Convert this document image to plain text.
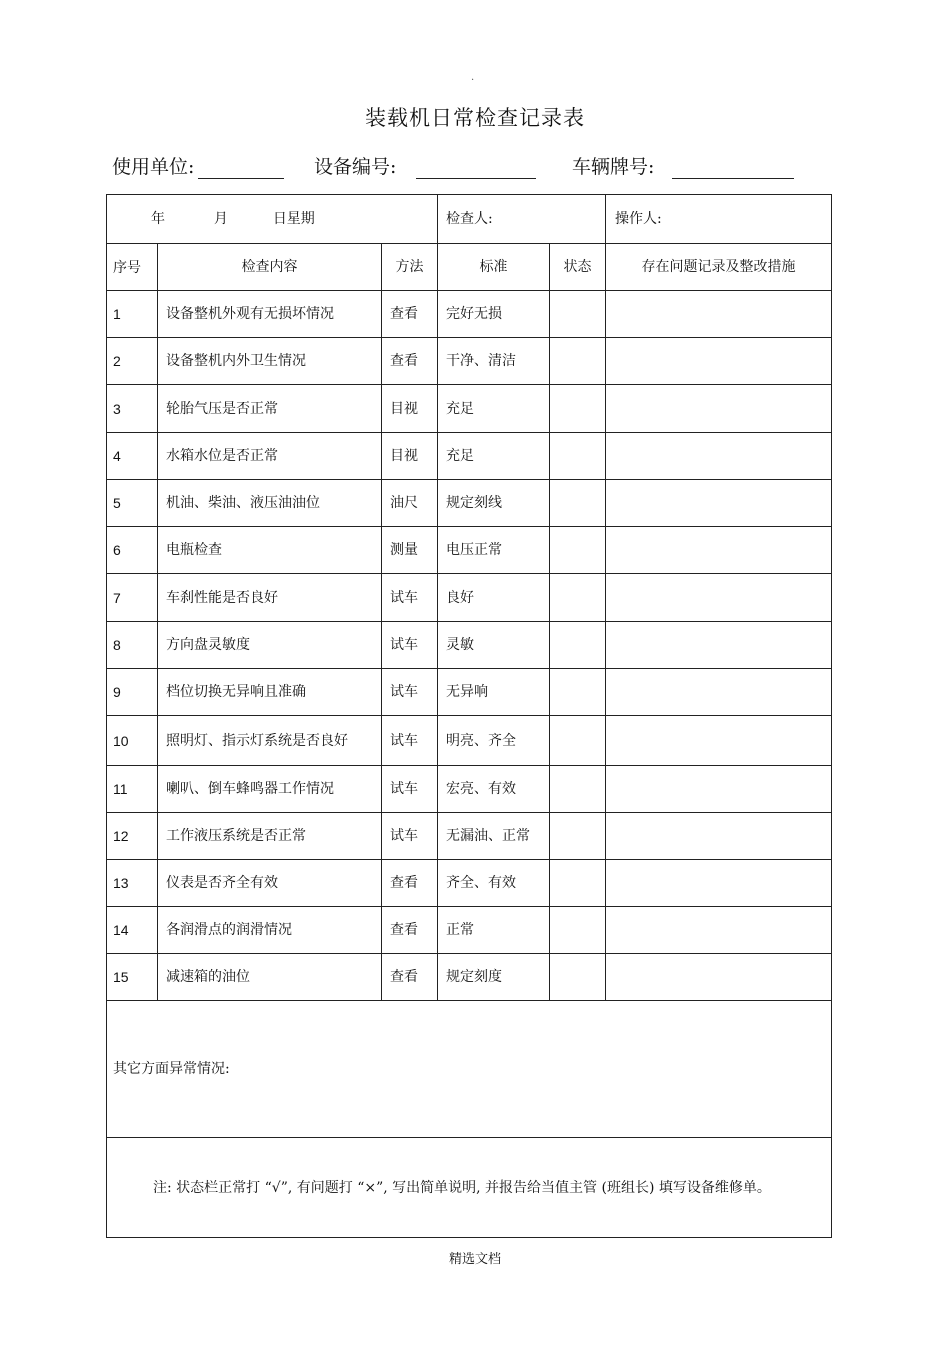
.
装载机日常检查记录表
使用单位:	设备编号:	车辆牌号:
年 月 日星期			检查人:		操作人:
序号	检查内容	方法	标准	状态	存在问题记录及整改措施
1	设备整机外观有无损坏情况	查看	完好无损		
2	设备整机内外卫生情况	查看	干净、清洁		
3	轮胎气压是否正常	目视	充足		
4	水箱水位是否正常	目视	充足		
5	机油、柴油、液压油油位	油尺	规定刻线		
6	电瓶检查	测量	电压正常		
7	车刹性能是否良好	试车	良好		
8	方向盘灵敏度	试车	灵敏		
9	档位切换无异响且准确	试车	无异响		
10	照明灯、指示灯系统是否良好	试车	明亮、齐全		
11	喇叭、倒车蜂鸣器工作情况	试车	宏亮、有效		
12	工作液压系统是否正常	试车	无漏油、正常		
13	仪表是否齐全有效	查看	齐全、有效		
14	各润滑点的润滑情况	查看	正常		
15	减速箱的油位	查看	规定刻度		
其它方面异常情况:					
注: 状态栏正常打 “√”, 有问题打 “×”, 写出简单说明, 并报告给当值主管 (班组长) 填写设备维修单。					
精选文档
